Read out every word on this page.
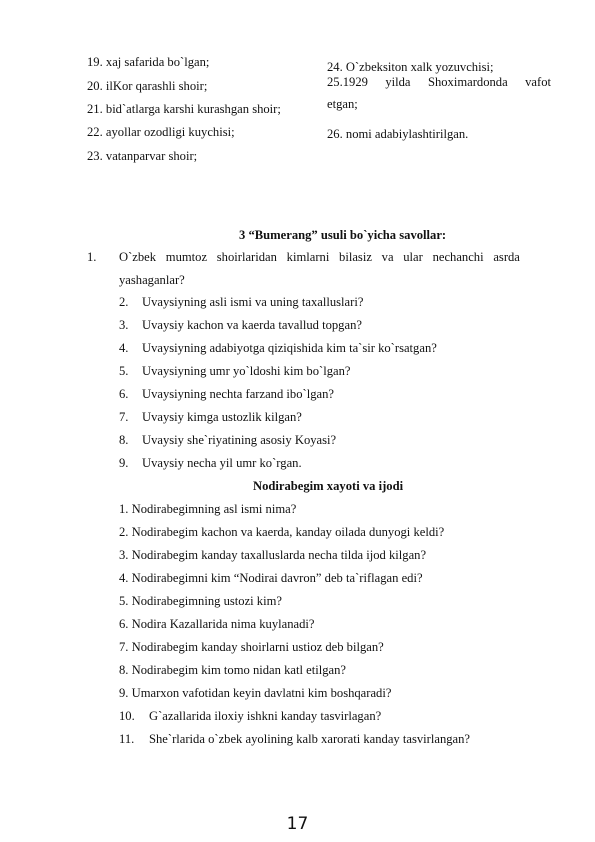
19. xaj safarida bo`lgan;
20. ilKor qarashli shoir;
21. bid`atlarga karshi kurashgan shoir;
22. ayollar ozodligi kuychisi;
23. vatanparvar shoir;
24. O`zbeksiton xalk yozuvchisi;
25.1929 yilda Shoximardonda vafot
etgan;
26. nomi adabiylashtirilgan.
3 “Bumerang” usuli bo`yicha savollar:
1. O`zbek mumtoz shoirlaridan kimlarni bilasiz va ular nechanchi asrda
yashaganlar?
2. Uvaysiyning asli ismi va uning taxalluslari?
3. Uvaysiy kachon va kaerda tavallud topgan?
4. Uvaysiyning adabiyotga qiziqishida kim ta`sir ko`rsatgan?
5. Uvaysiyning umr yo`ldoshi kim bo`lgan?
6. Uvaysiyning nechta farzand ibo`lgan?
7. Uvaysiy kimga ustozlik kilgan?
8. Uvaysiy she`riyatining asosiy Koyasi?
9. Uvaysiy necha yil umr ko`rgan.
Nodirabegim xayoti va ijodi
1. Nodirabegimning asl ismi nima?
2. Nodirabegim kachon va kaerda, kanday oilada dunyogi keldi?
3. Nodirabegim kanday taxalluslarda necha tilda ijod kilgan?
4. Nodirabegimni kim “Nodirai davron” deb ta`riflagan edi?
5. Nodirabegimning ustozi kim?
6. Nodira Kazallarida nima kuylanadi?
7. Nodirabegim kanday shoirlarni ustioz deb bilgan?
8. Nodirabegim kim tomo nidan katl etilgan?
9. Umarxon vafotidan keyin davlatni kim boshqaradi?
10. G`azallarida iloxiy ishkni kanday tasvirlagan?
11. She`rlarida o`zbek ayolining kalb xarorati kanday tasvirlangan?
17
